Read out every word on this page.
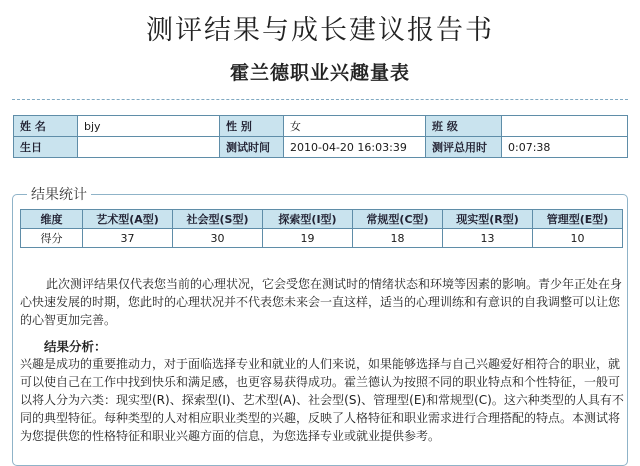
测评结果与成长建议报告书
霍兰德职业兴趣量表
姓 名	bjy	性 别	女	班 级	
生日		测试时间	2010-04-20 16:03:39	测评总用时	0:07:38
结果统计
维度	艺术型(A型)	社会型(S型)	探索型(I型)	常规型(C型)	现实型(R型)	管理型(E型)
得分	37	30	19	18	13	10

此次测评结果仅代表您当前的心理状况，它会受您在测试时的情绪状态和环境等因素的影响。青少年正处在身心快速发展的时期，您此时的心理状况并不代表您未来会一直这样，适当的心理训练和有意识的自我调整可以让您的心智更加完善。

结果分析：

兴趣是成功的重要推动力，对于面临选择专业和就业的人们来说，如果能够选择与自己兴趣爱好相符合的职业，就可以使自己在工作中找到快乐和满足感，也更容易获得成功。霍兰德认为按照不同的职业特点和个性特征，一般可以将人分为六类：现实型(R)、探索型(I)、艺术型(A)、社会型(S)、管理型(E)和常规型(C)。这六种类型的人具有不同的典型特征。每种类型的人对相应职业类型的兴趣，反映了人格特征和职业需求进行合理搭配的特点。本测试将为您提供您的性格特征和职业兴趣方面的信息，为您选择专业或就业提供参考。
